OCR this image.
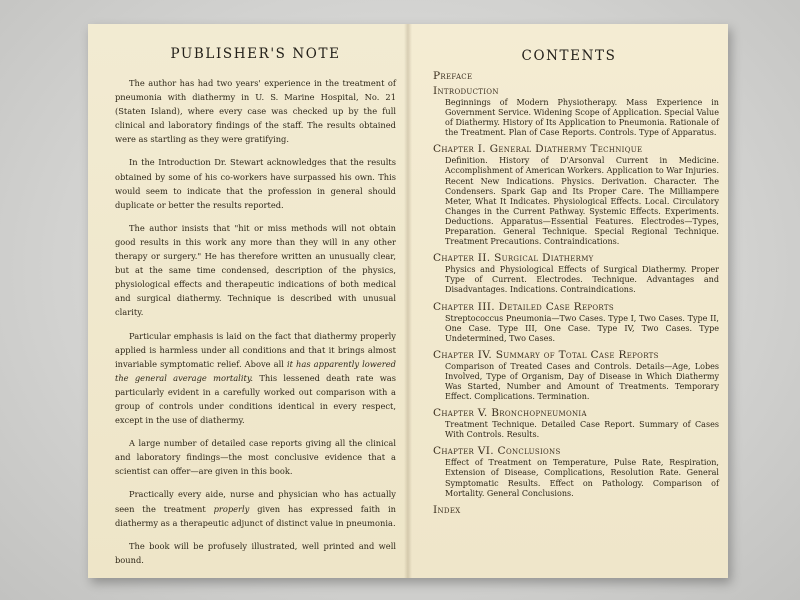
PUBLISHER'S NOTE

The author has had two years' experience in the treatment of pneumonia with diathermy in U. S. Marine Hospital, No. 21 (Staten Island), where every case was checked up by the full clinical and laboratory findings of the staff. The results obtained were as startling as they were gratifying.

In the Introduction Dr. Stewart acknowledges that the results obtained by some of his co-workers have surpassed his own. This would seem to indicate that the profession in general should duplicate or better the results reported.

The author insists that "hit or miss methods will not obtain good results in this work any more than they will in any other therapy or surgery." He has therefore written an unusually clear, but at the same time condensed, description of the physics, physiological effects and therapeutic indications of both medical and surgical diathermy. Technique is described with unusual clarity.

Particular emphasis is laid on the fact that diathermy properly applied is harmless under all conditions and that it brings almost invariable symptomatic relief. Above all it has apparently lowered the general average mortality. This lessened death rate was particularly evident in a carefully worked out comparison with a group of controls under conditions identical in every respect, except in the use of diathermy.

A large number of detailed case reports giving all the clinical and laboratory findings—the most conclusive evidence that a scientist can offer—are given in this book.

Practically every aide, nurse and physician who has actually seen the treatment properly given has expressed faith in diathermy as a therapeutic adjunct of distinct value in pneumonia.

The book will be profusely illustrated, well printed and well bound.

CONTENTS
Preface
Introduction
Beginnings of Modern Physiotherapy. Mass Experience in Government Service. Widening Scope of Application. Special Value of Diathermy. History of Its Application to Pneumonia. Rationale of the Treatment. Plan of Case Reports. Controls. Type of Apparatus.
Chapter I. General Diathermy Technique
Definition. History of D'Arsonval Current in Medicine. Accomplishment of American Workers. Application to War Injuries. Recent New Indications. Physics. Derivation. Character. The Condensers. Spark Gap and Its Proper Care. The Milliampere Meter, What It Indicates. Physiological Effects. Local. Circulatory Changes in the Current Pathway. Systemic Effects. Experiments. Deductions. Apparatus—Essential Features. Electrodes—Types, Preparation. General Technique. Special Regional Technique. Treatment Precautions. Contraindications.
Chapter II. Surgical Diathermy
Physics and Physiological Effects of Surgical Diathermy. Proper Type of Current. Electrodes. Technique. Advantages and Disadvantages. Indications. Contraindications.
Chapter III. Detailed Case Reports
Streptococcus Pneumonia—Two Cases. Type I, Two Cases. Type II, One Case. Type III, One Case. Type IV, Two Cases. Type Undetermined, Two Cases.
Chapter IV. Summary of Total Case Reports
Comparison of Treated Cases and Controls. Details—Age, Lobes Involved, Type of Organism, Day of Disease in Which Diathermy Was Started, Number and Amount of Treatments. Temporary Effect. Complications. Termination.
Chapter V. Bronchopneumonia
Treatment Technique. Detailed Case Report. Summary of Cases With Controls. Results.
Chapter VI. Conclusions
Effect of Treatment on Temperature, Pulse Rate, Respiration, Extension of Disease, Complications, Resolution Rate. General Symptomatic Results. Effect on Pathology. Comparison of Mortality. General Conclusions.
Index
